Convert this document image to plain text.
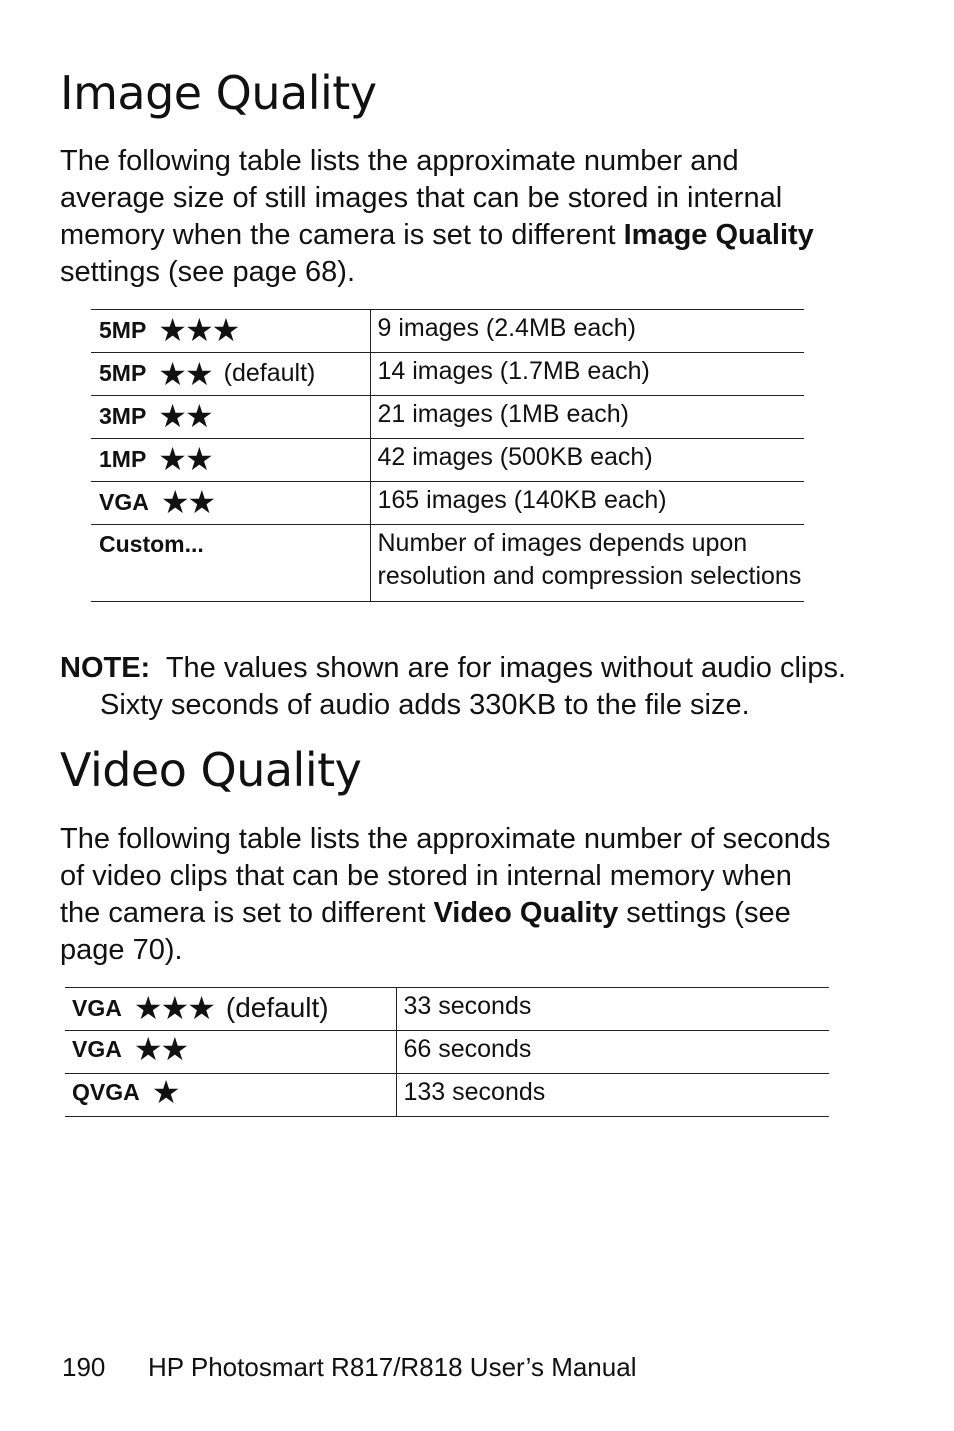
Image Quality

The following table lists the approximate number and average size of still images that can be stored in internal memory when the camera is set to different Image Quality settings (see page 68).

5MP ★★★	9 images (2.4MB each)
5MP ★★ (default)	14 images (1.7MB each)
3MP ★★	21 images (1MB each)
1MP ★★	42 images (500KB each)
VGA ★★	165 images (140KB each)
Custom...	Number of images depends upon resolution and compression selections

NOTE: The values shown are for images without audio clips.
Sixty seconds of audio adds 330KB to the file size.

Video Quality

The following table lists the approximate number of seconds of video clips that can be stored in internal memory when the camera is set to different Video Quality settings (see page 70).

VGA ★★★ (default)	33 seconds
VGA ★★	66 seconds
QVGA ★	133 seconds
190 HP Photosmart R817/R818 User’s Manual
